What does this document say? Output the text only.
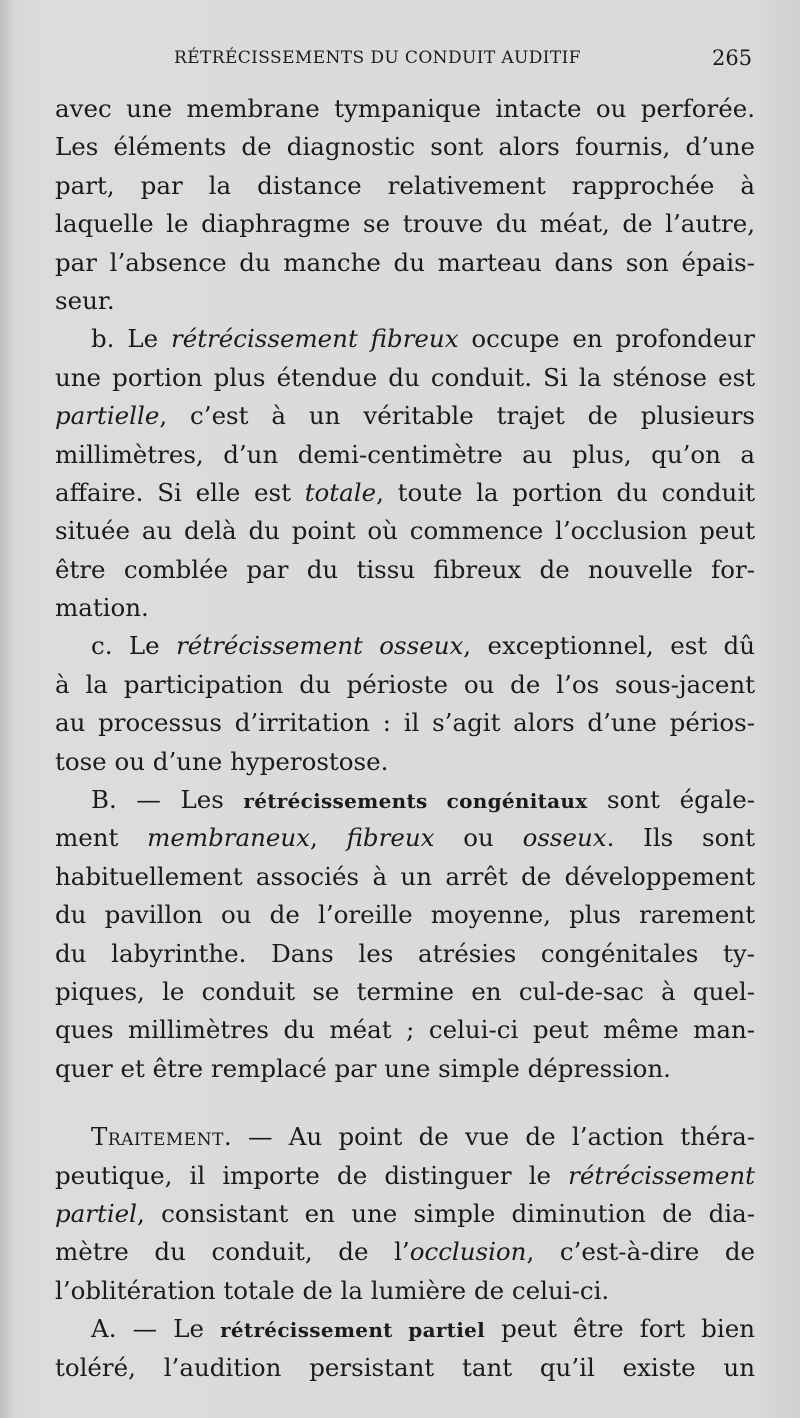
RÉTRÉCISSEMENTS DU CONDUIT AUDITIF	265
avec une membrane tympanique intacte ou perforée.
Les éléments de diagnostic sont alors fournis, d’une
part, par la distance relativement rapprochée à
laquelle le diaphragme se trouve du méat, de l’autre,
par l’absence du manche du marteau dans son épais-
seur.
b. Le rétrécissement fibreux occupe en profondeur
une portion plus étendue du conduit. Si la sténose est
partielle, c’est à un véritable trajet de plusieurs
millimètres, d’un demi-centimètre au plus, qu’on a
affaire. Si elle est totale, toute la portion du conduit
située au delà du point où commence l’occlusion peut
être comblée par du tissu fibreux de nouvelle for-
mation.
c. Le rétrécissement osseux, exceptionnel, est dû
à la participation du périoste ou de l’os sous-jacent
au processus d’irritation : il s’agit alors d’une périos-
tose ou d’une hyperostose.
B. — Les rétrécissements congénitaux sont égale-
ment membraneux, fibreux ou osseux. Ils sont
habituellement associés à un arrêt de développement
du pavillon ou de l’oreille moyenne, plus rarement
du labyrinthe. Dans les atrésies congénitales ty-
piques, le conduit se termine en cul-de-sac à quel-
ques millimètres du méat ; celui-ci peut même man-
quer et être remplacé par une simple dépression.
Traitement. — Au point de vue de l’action théra-
peutique, il importe de distinguer le rétrécissement
partiel, consistant en une simple diminution de dia-
mètre du conduit, de l’occlusion, c’est-à-dire de
l’oblitération totale de la lumière de celui-ci.
A. — Le rétrécissement partiel peut être fort bien
toléré, l’audition persistant tant qu’il existe un
